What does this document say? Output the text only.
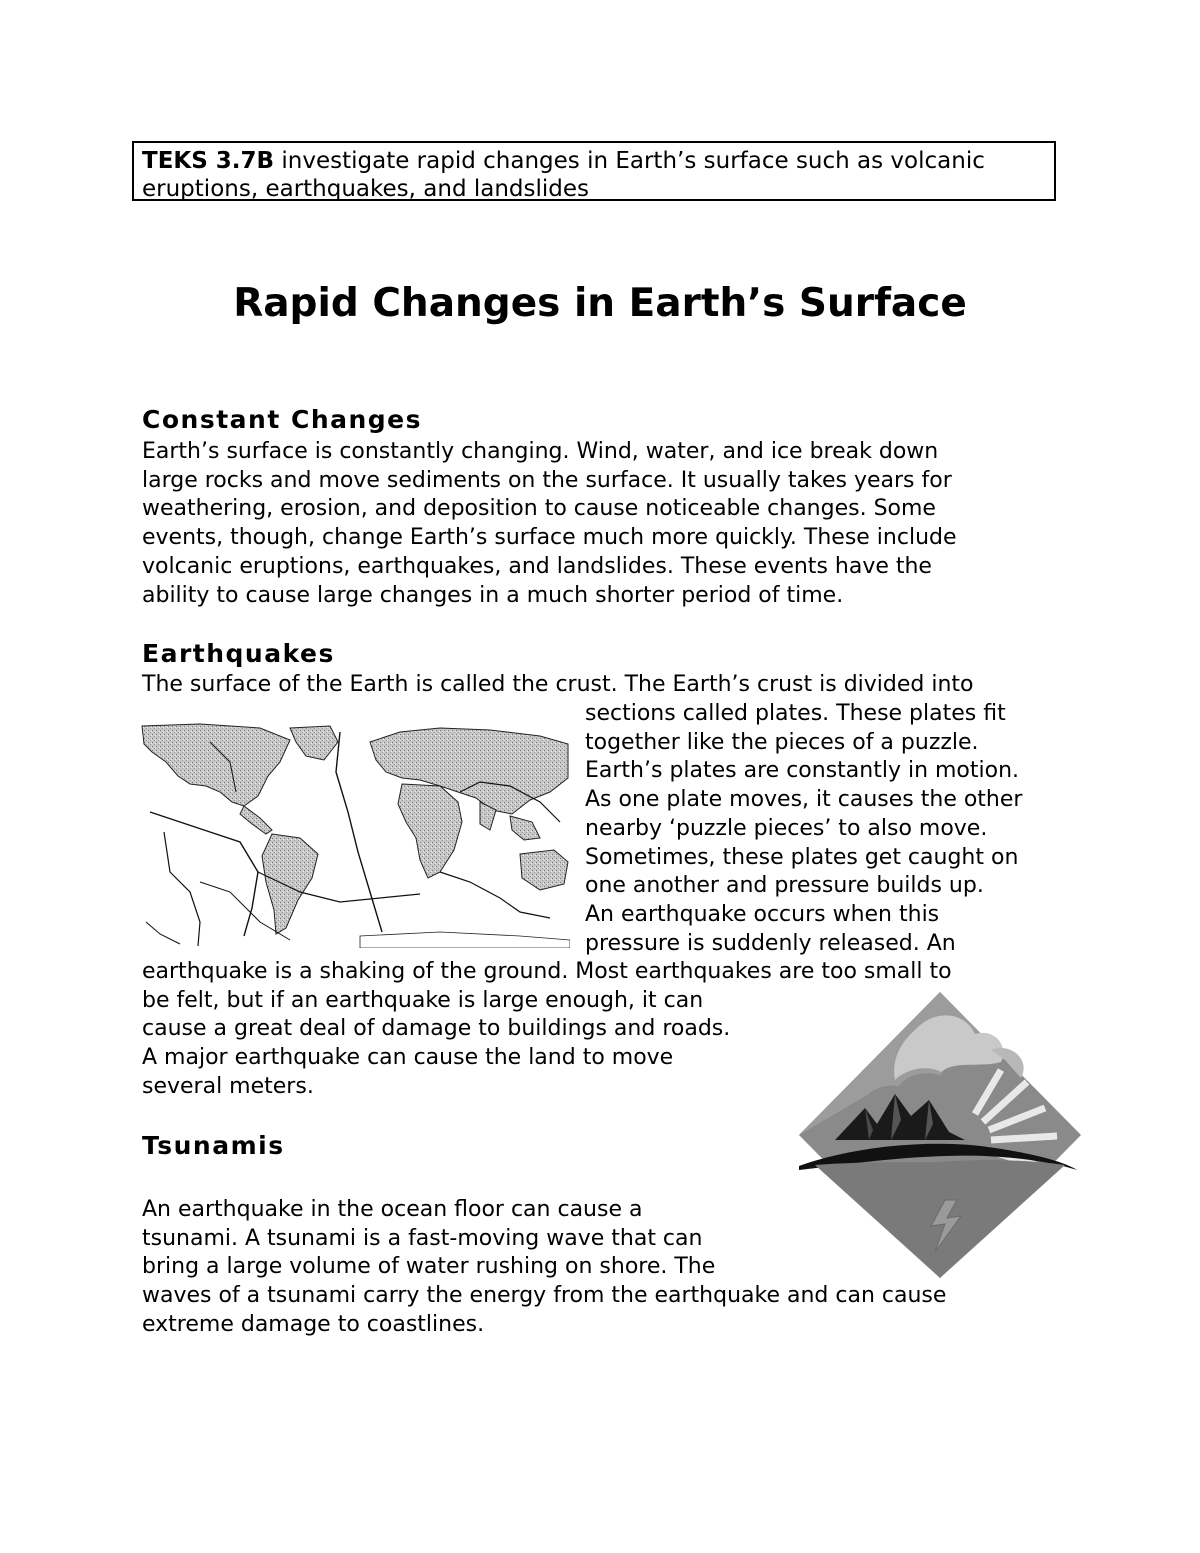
TEKS 3.7B investigate rapid changes in Earth’s surface such as volcanic
eruptions, earthquakes, and landslides
Rapid Changes in Earth’s Surface
Constant Changes
Earth’s surface is constantly changing. Wind, water, and ice break down
large rocks and move sediments on the surface. It usually takes years for
weathering, erosion, and deposition to cause noticeable changes. Some
events, though, change Earth’s surface much more quickly. These include
volcanic eruptions, earthquakes, and landslides. These events have the
ability to cause large changes in a much shorter period of time.
Earthquakes
The surface of the Earth is called the crust. The Earth’s crust is divided into
sections called plates. These plates fit
together like the pieces of a puzzle.
Earth’s plates are constantly in motion.
As one plate moves, it causes the other
nearby ‘puzzle pieces’ to also move.
Sometimes, these plates get caught on
one another and pressure builds up.
An earthquake occurs when this
pressure is suddenly released. An
earthquake is a shaking of the ground. Most earthquakes are too small to
be felt, but if an earthquake is large enough, it can
cause a great deal of damage to buildings and roads.
A major earthquake can cause the land to move
several meters.
Tsunamis
An earthquake in the ocean floor can cause a
tsunami. A tsunami is a fast-moving wave that can
bring a large volume of water rushing on shore. The
waves of a tsunami carry the energy from the earthquake and can cause
extreme damage to coastlines.
